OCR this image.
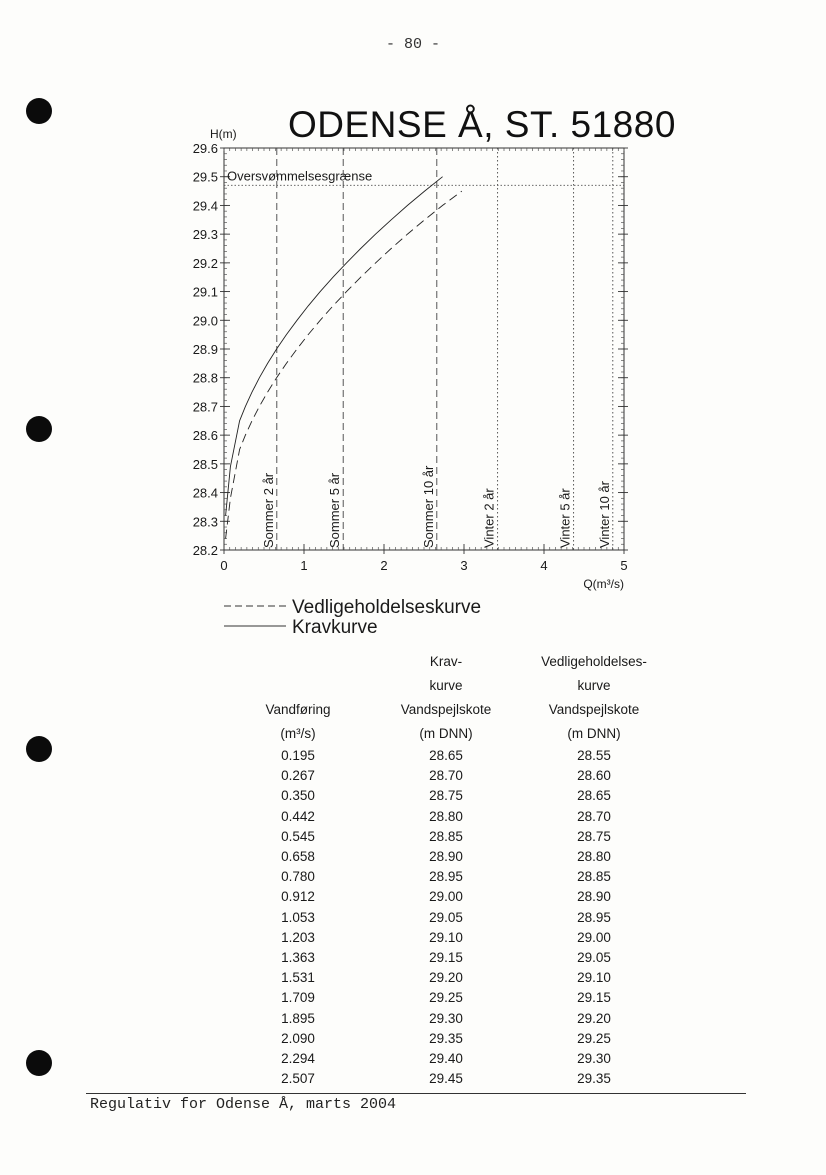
- 80 -
ODENSE Å, ST. 51880
28.2
28.3
28.4
28.5
28.6
28.7
28.8
28.9
29.0
29.1
29.2
29.3
29.4
29.5
29.6
0	1	2	3	4	5
H(m)
Q(m³/s)
Oversvømmelsesgrænse
Sommer 2 år	Sommer 5 år	Sommer 10 år	Vinter 2 år	Vinter 5 år Vinter 10 år
Vedligeholdelseskurve
Kravkurve
	Krav-	Vedligeholdelses-
	kurve	kurve
Vandføring	Vandspejlskote	Vandspejlskote
(m³/s)	(m DNN)	(m DNN)
0.195	28.65	28.55
0.267	28.70	28.60
0.350	28.75	28.65
0.442	28.80	28.70
0.545	28.85	28.75
0.658	28.90	28.80
0.780	28.95	28.85
0.912	29.00	28.90
1.053	29.05	28.95
1.203	29.10	29.00
1.363	29.15	29.05
1.531	29.20	29.10
1.709	29.25	29.15
1.895	29.30	29.20
2.090	29.35	29.25
2.294	29.40	29.30
2.507	29.45	29.35
Regulativ for Odense Å, marts 2004
